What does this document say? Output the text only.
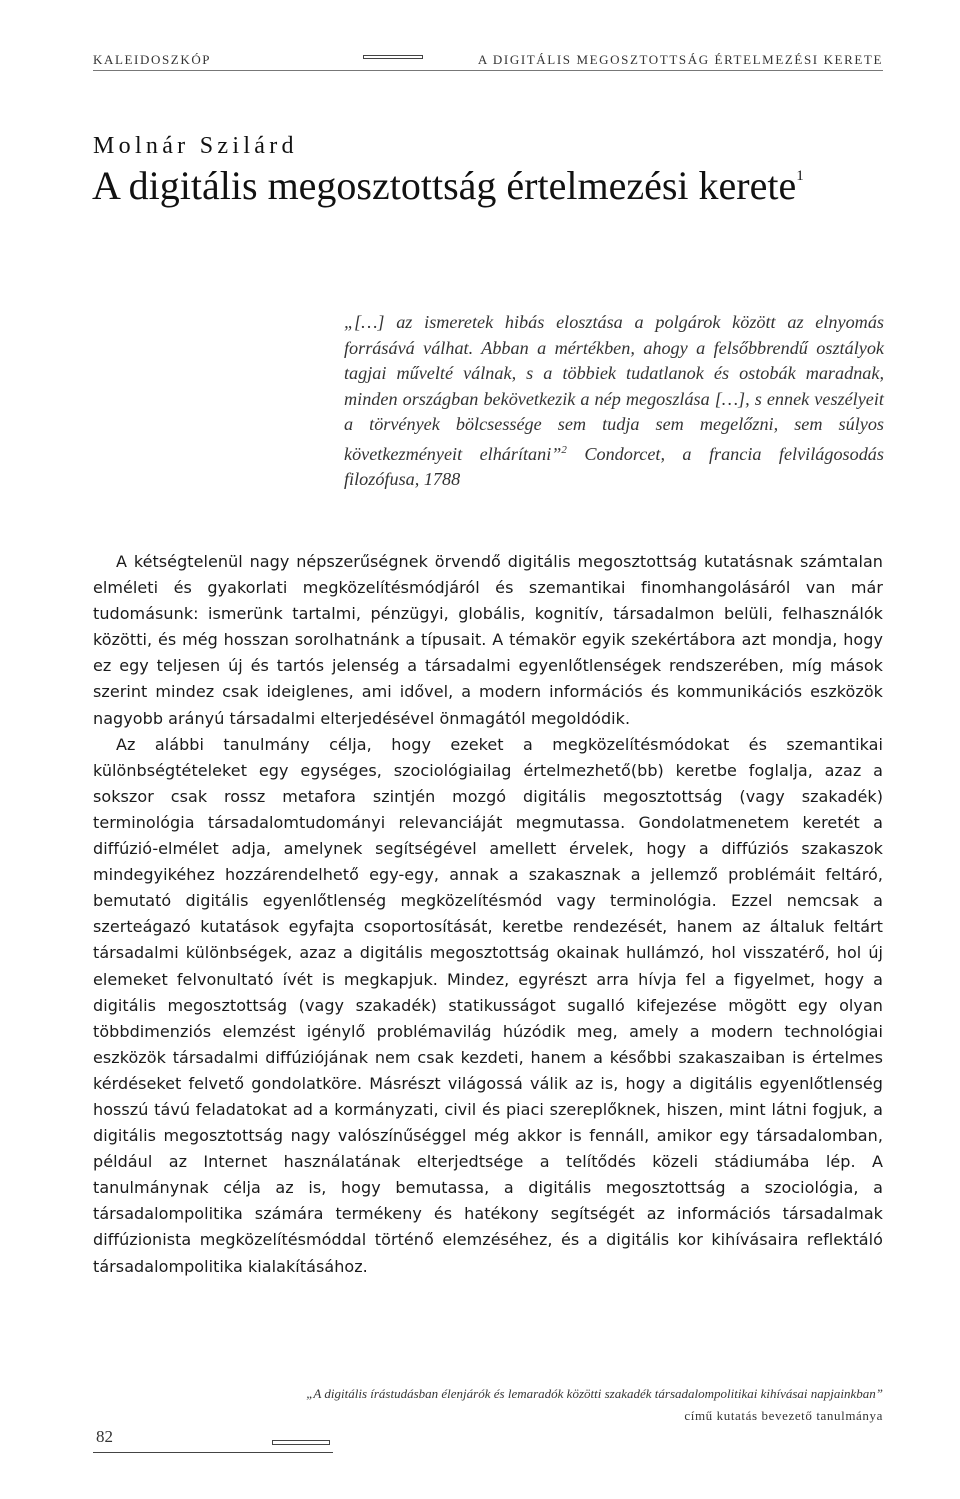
KALEIDOSZKÓP	A DIGITÁLIS MEGOSZTOTTSÁG ÉRTELMEZÉSI KERETE
Molnár Szilárd
A digitális megosztottság értelmezési kerete$^1$
„[…] az ismeretek hibás elosztása a polgárok között az elnyomás forrásává válhat. Abban a mértékben, ahogy a felsőbbrendű osztályok tagjai művelté válnak, s a többiek tudatlanok és ostobák maradnak, minden országban bekövetkezik a nép megoszlása […], s ennek veszélyeit a törvények bölcsessége sem tudja sem megelőzni, sem súlyos következményeit elhárítani”$^2$ Condorcet, a francia felvilágosodás filozófusa, 1788

A kétségtelenül nagy népszerűségnek örvendő digitális megosztottság kutatásnak számtalan elméleti és gyakorlati megközelítésmódjáról és szemantikai finomhangolásáról van már tudomásunk: ismerünk tartalmi, pénzügyi, globális, kognitív, társadalmon belüli, felhasználók közötti, és még hosszan sorolhatnánk a típusait. A témakör egyik szekértábora azt mondja, hogy ez egy teljesen új és tartós jelenség a társadalmi egyenlőtlenségek rendszerében, míg mások szerint mindez csak ideiglenes, ami idővel, a modern információs és kommunikációs eszközök nagyobb arányú társadalmi elterjedésével önmagától megoldódik.

Az alábbi tanulmány célja, hogy ezeket a megközelítésmódokat és szemantikai különbségtételeket egy egységes, szociológiailag értelmezhető(bb) keretbe foglalja, azaz a sokszor csak rossz metafora szintjén mozgó digitális megosztottság (vagy szakadék) terminológia társadalomtudományi relevanciáját megmutassa. Gondolatmenetem keretét a diffúzió-elmélet adja, amelynek segítségével amellett érvelek, hogy a diffúziós szakaszok mindegyikéhez hozzárendelhető egy-egy, annak a szakasznak a jellemző problémáit feltáró, bemutató digitális egyenlőtlenség megközelítésmód vagy terminológia. Ezzel nemcsak a szerteágazó kutatások egyfajta csoportosítását, keretbe rendezését, hanem az általuk feltárt társadalmi különbségek, azaz a digitális megosztottság okainak hullámzó, hol visszatérő, hol új elemeket felvonultató ívét is megkapjuk. Mindez, egyrészt arra hívja fel a figyelmet, hogy a digitális megosztottság (vagy szakadék) statikusságot sugalló kifejezése mögött egy olyan többdimenziós elemzést igénylő problémavilág húzódik meg, amely a modern technológiai eszközök társadalmi diffúziójának nem csak kezdeti, hanem a későbbi szakaszaiban is értelmes kérdéseket felvető gondolatköre. Másrészt világossá válik az is, hogy a digitális egyenlőtlenség hosszú távú feladatokat ad a kormányzati, civil és piaci szereplőknek, hiszen, mint látni fogjuk, a digitális megosztottság nagy valószínűséggel még akkor is fennáll, amikor egy társadalomban, például az Internet használatának elterjedtsége a telítődés közeli stádiumába lép. A tanulmánynak célja az is, hogy bemutassa, a digitális megosztottság a szociológia, a társadalompolitika számára termékeny és hatékony segítségét az információs társadalmak diffúzionista megközelítésmóddal történő elemzéséhez, és a digitális kor kihívásaira reflektáló társadalompolitika kialakításához.

„A digitális írástudásban élenjárók és lemaradók közötti szakadék társadalompolitikai kihívásai napjainkban”
című kutatás bevezető tanulmánya
82
